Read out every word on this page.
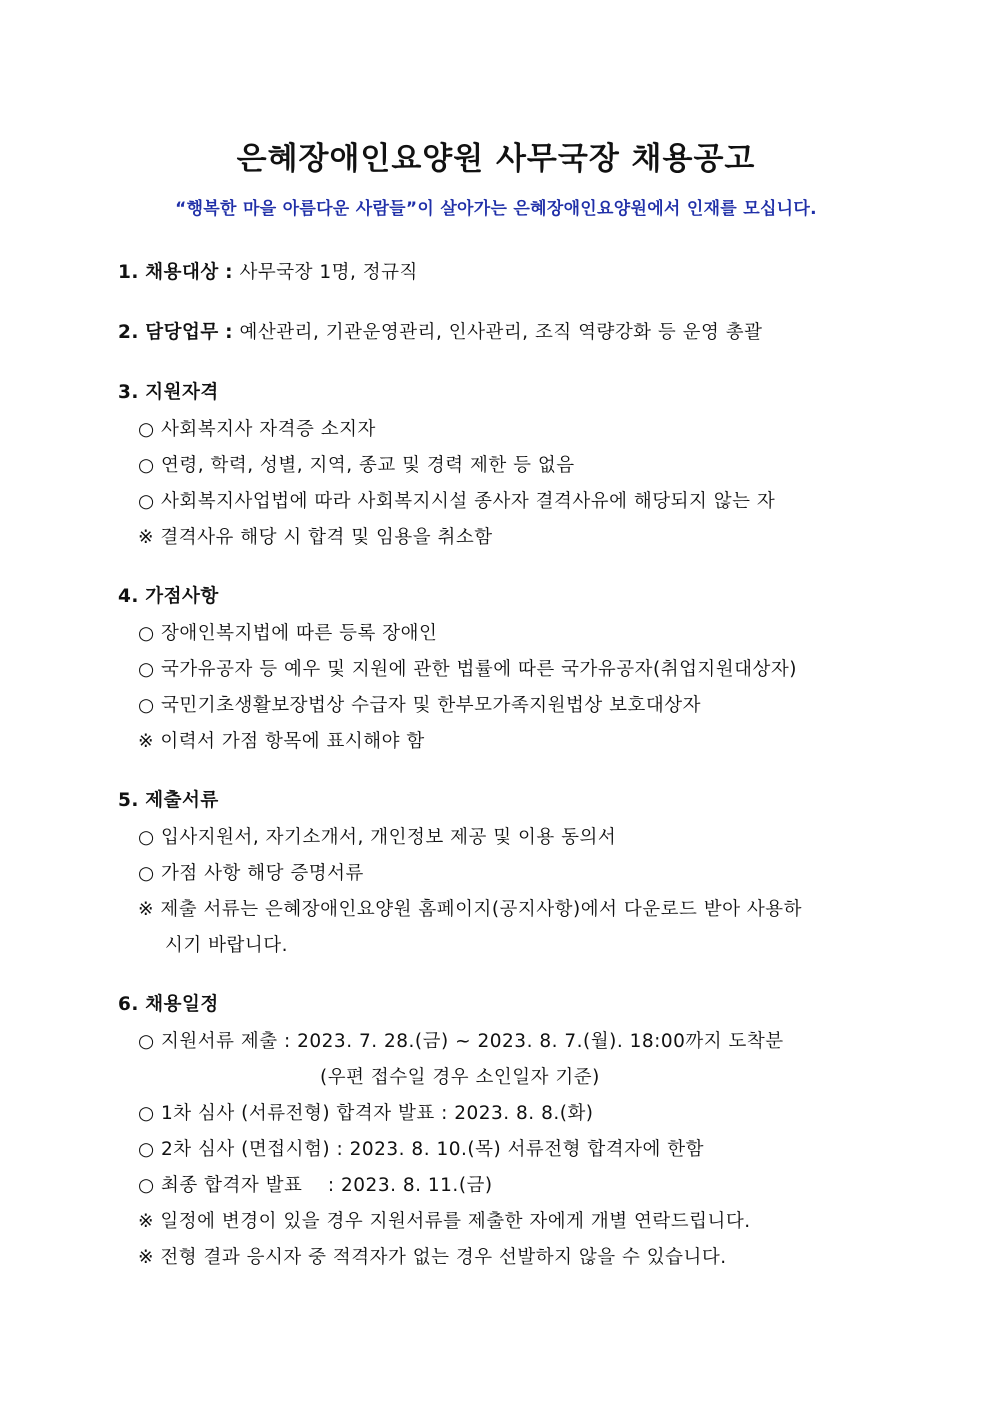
은혜장애인요양원 사무국장 채용공고
“행복한 마을 아름다운 사람들”이 살아가는 은혜장애인요양원에서 인재를 모십니다.
1. 채용대상 : 사무국장 1명, 정규직
2. 담당업무 : 예산관리, 기관운영관리, 인사관리, 조직 역량강화 등 운영 총괄
3. 지원자격
○ 사회복지사 자격증 소지자
○ 연령, 학력, 성별, 지역, 종교 및 경력 제한 등 없음
○ 사회복지사업법에 따라 사회복지시설 종사자 결격사유에 해당되지 않는 자
※ 결격사유 해당 시 합격 및 임용을 취소함
4. 가점사항
○ 장애인복지법에 따른 등록 장애인
○ 국가유공자 등 예우 및 지원에 관한 법률에 따른 국가유공자(취업지원대상자)
○ 국민기초생활보장법상 수급자 및 한부모가족지원법상 보호대상자
※ 이력서 가점 항목에 표시해야 함
5. 제출서류
○ 입사지원서, 자기소개서, 개인정보 제공 및 이용 동의서
○ 가점 사항 해당 증명서류
※ 제출 서류는 은혜장애인요양원 홈페이지(공지사항)에서 다운로드 받아 사용하
시기 바랍니다.
6. 채용일정
○ 지원서류 제출 : 2023. 7. 28.(금) ~ 2023. 8. 7.(월). 18:00까지 도착분
(우편 접수일 경우 소인일자 기준)
○ 1차 심사 (서류전형) 합격자 발표 : 2023. 8. 8.(화)
○ 2차 심사 (면접시험) : 2023. 8. 10.(목) 서류전형 합격자에 한함
○ 최종 합격자 발표    : 2023. 8. 11.(금)
※ 일정에 변경이 있을 경우 지원서류를 제출한 자에게 개별 연락드립니다.
※ 전형 결과 응시자 중 적격자가 없는 경우 선발하지 않을 수 있습니다.
